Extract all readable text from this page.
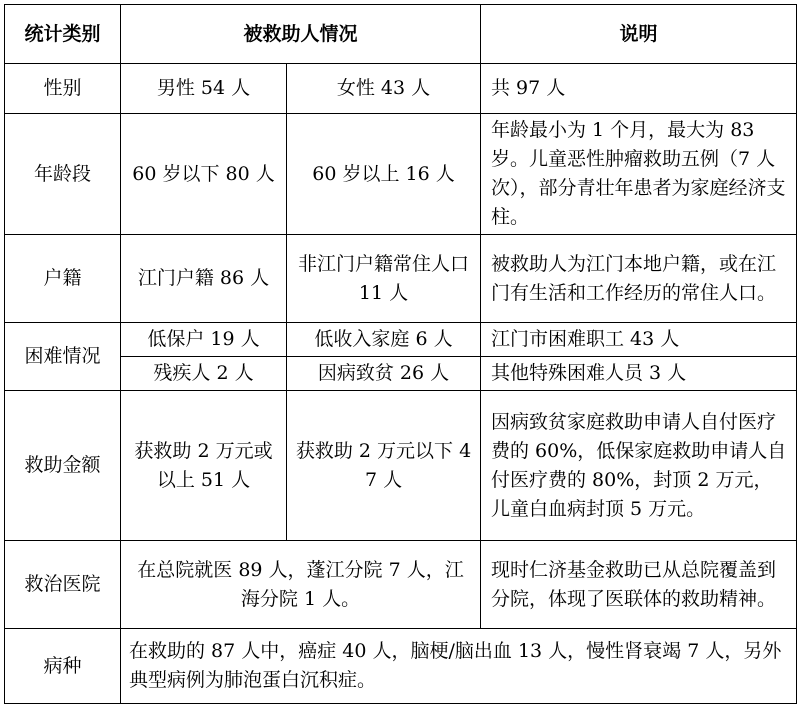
统计类别	被救助人情况		说明
性别	男性 54 人	女性 43 人	共 97 人
年龄段	60 岁以下 80 人	60 岁以上 16 人	年龄最小为 1 个月，最大为 83 岁。儿童恶性肿瘤救助五例（7 人次），部分青壮年患者为家庭经济支柱。
户籍	江门户籍 86 人	非江门户籍常住人口 11 人	被救助人为江门本地户籍，或在江门有生活和工作经历的常住人口。
困难情况	低保户 19 人	低收入家庭 6 人	江门市困难职工 43 人
	残疾人 2 人	因病致贫 26 人	其他特殊困难人员 3 人
救助金额	获救助 2 万元或以上 51 人	获救助 2 万元以下 47 人	因病致贫家庭救助申请人自付医疗费的 60%，低保家庭救助申请人自付医疗费的 80%，封顶 2 万元，儿童白血病封顶 5 万元。
救治医院	在总院就医 89 人，蓬江分院 7 人，江海分院 1 人。		现时仁济基金救助已从总院覆盖到分院，体现了医联体的救助精神。
病种	在救助的 87 人中，癌症 40 人，脑梗/脑出血 13 人，慢性肾衰竭 7 人，另外典型病例为肺泡蛋白沉积症。		
